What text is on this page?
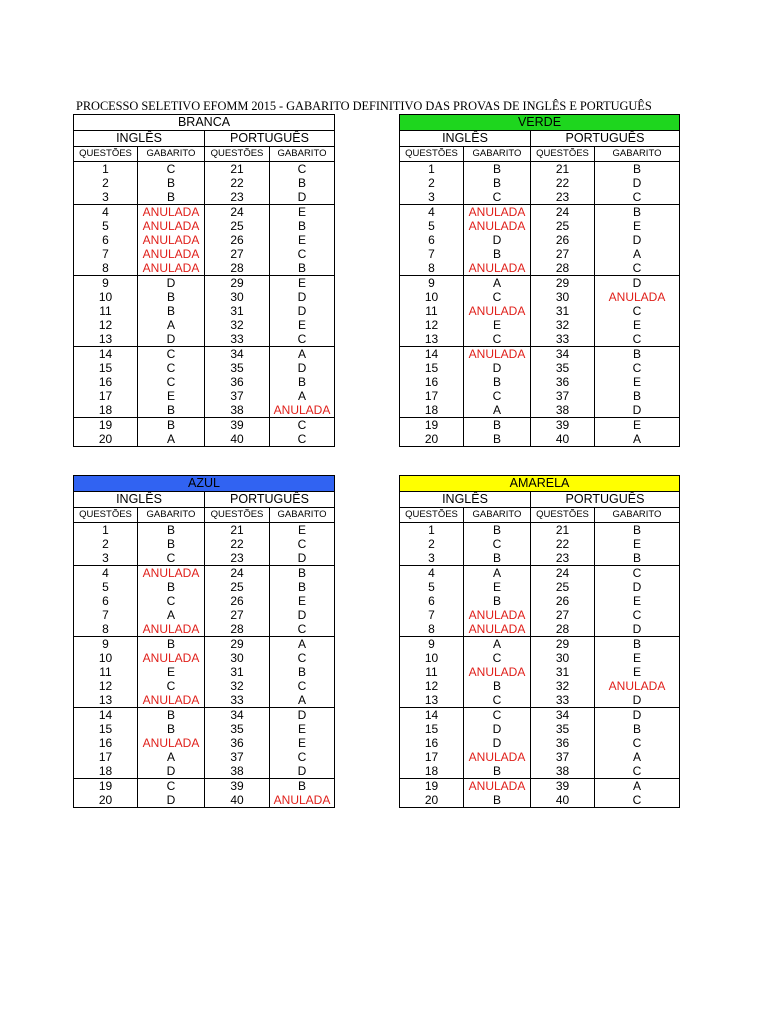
PROCESSO SELETIVO EFOMM 2015 - GABARITO DEFINITIVO DAS PROVAS DE INGLÊS E PORTUGUÊS
BRANCA			
INGLÊS		PORTUGUÊS	
QUESTÕES	GABARITO	QUESTÕES	GABARITO
1	C	21	C
2	B	22	B
3	B	23	D
4	ANULADA	24	E
5	ANULADA	25	B
6	ANULADA	26	E
7	ANULADA	27	C
8	ANULADA	28	B
9	D	29	E
10	B	30	D
11	B	31	D
12	A	32	E
13	D	33	C
14	C	34	A
15	C	35	D
16	C	36	B
17	E	37	A
18	B	38	ANULADA
19	B	39	C
20	A	40	C
VERDE			
INGLÊS		PORTUGUÊS	
QUESTÕES	GABARITO	QUESTÕES	GABARITO
1	B	21	B
2	B	22	D
3	C	23	C
4	ANULADA	24	B
5	ANULADA	25	E
6	D	26	D
7	B	27	A
8	ANULADA	28	C
9	A	29	D
10	C	30	ANULADA
11	ANULADA	31	C
12	E	32	E
13	C	33	C
14	ANULADA	34	B
15	D	35	C
16	B	36	E
17	C	37	B
18	A	38	D
19	B	39	E
20	B	40	A
AZUL			
INGLÊS		PORTUGUÊS	
QUESTÕES	GABARITO	QUESTÕES	GABARITO
1	B	21	E
2	B	22	C
3	C	23	D
4	ANULADA	24	B
5	B	25	B
6	C	26	E
7	A	27	D
8	ANULADA	28	C
9	B	29	A
10	ANULADA	30	C
11	E	31	B
12	C	32	C
13	ANULADA	33	A
14	B	34	D
15	B	35	E
16	ANULADA	36	E
17	A	37	C
18	D	38	D
19	C	39	B
20	D	40	ANULADA
AMARELA			
INGLÊS		PORTUGUÊS	
QUESTÕES	GABARITO	QUESTÕES	GABARITO
1	B	21	B
2	C	22	E
3	B	23	B
4	A	24	C
5	E	25	D
6	B	26	E
7	ANULADA	27	C
8	ANULADA	28	D
9	A	29	B
10	C	30	E
11	ANULADA	31	E
12	B	32	ANULADA
13	C	33	D
14	C	34	D
15	D	35	B
16	D	36	C
17	ANULADA	37	A
18	B	38	C
19	ANULADA	39	A
20	B	40	C
